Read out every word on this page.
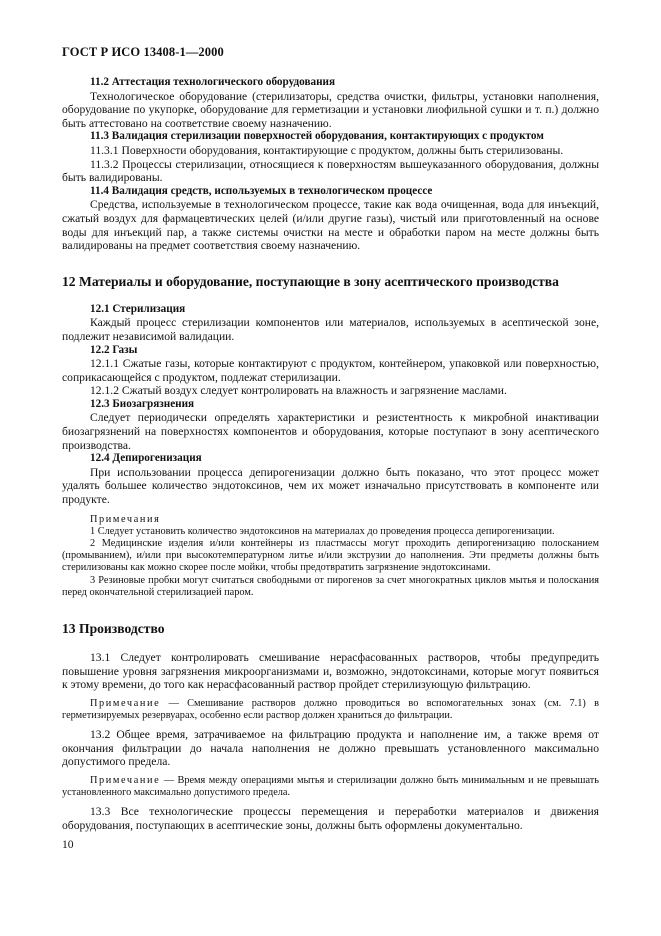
ГОСТ Р ИСО 13408-1—2000

11.2 Аттестация технологического оборудования

Технологическое оборудование (стерилизаторы, средства очистки, фильтры, установки наполнения, оборудование по укупорке, оборудование для герметизации и установки лиофильной сушки и т. п.) должно быть аттестовано на соответствие своему назначению.

11.3 Валидация стерилизации поверхностей оборудования, контактирующих с продуктом

11.3.1 Поверхности оборудования, контактирующие с продуктом, должны быть стерилизованы.

11.3.2 Процессы стерилизации, относящиеся к поверхностям вышеуказанного оборудования, должны быть валидированы.

11.4 Валидация средств, используемых в технологическом процессе

Средства, используемые в технологическом процессе, такие как вода очищенная, вода для инъекций, сжатый воздух для фармацевтических целей (и/или другие газы), чистый или приготовленный на основе воды для инъекций пар, а также системы очистки на месте и обработки паром на месте должны быть валидированы на предмет соответствия своему назначению.

12 Материалы и оборудование, поступающие в зону асептического производства

12.1 Стерилизация

Каждый процесс стерилизации компонентов или материалов, используемых в асептической зоне, подлежит независимой валидации.

12.2 Газы

12.1.1 Сжатые газы, которые контактируют с продуктом, контейнером, упаковкой или поверхностью, соприкасающейся с продуктом, подлежат стерилизации.

12.1.2 Сжатый воздух следует контролировать на влажность и загрязнение маслами.

12.3 Биозагрязнения

Следует периодически определять характеристики и резистентность к микробной инактивации биозагрязнений на поверхностях компонентов и оборудования, которые поступают в зону асептического производства.

12.4 Депирогенизация

При использовании процесса депирогенизации должно быть показано, что этот процесс может удалять большее количество эндотоксинов, чем их может изначально присутствовать в компоненте или продукте.

Примечания

1 Следует установить количество эндотоксинов на материалах до проведения процесса депирогенизации.

2 Медицинские изделия и/или контейнеры из пластмассы могут проходить депирогенизацию полосканием (промыванием), и/или при высокотемпературном литье и/или экструзии до наполнения. Эти предметы должны быть стерилизованы как можно скорее после мойки, чтобы предотвратить загрязнение эндотоксинами.

3 Резиновые пробки могут считаться свободными от пирогенов за счет многократных циклов мытья и полоскания перед окончательной стерилизацией паром.

13 Производство

13.1 Следует контролировать смешивание нерасфасованных растворов, чтобы предупредить повышение уровня загрязнения микроорганизмами и, возможно, эндотоксинами, которые могут появиться к этому времени, до того как нерасфасованный раствор пройдет стерилизующую фильтрацию.

Примечание — Смешивание растворов должно проводиться во вспомогательных зонах (см. 7.1) в герметизируемых резервуарах, особенно если раствор должен храниться до фильтрации.

13.2 Общее время, затрачиваемое на фильтрацию продукта и наполнение им, а также время от окончания фильтрации до начала наполнения не должно превышать установленного максимально допустимого предела.

Примечание — Время между операциями мытья и стерилизации должно быть минимальным и не превышать установленного максимально допустимого предела.

13.3 Все технологические процессы перемещения и переработки материалов и движения оборудования, поступающих в асептические зоны, должны быть оформлены документально.

10
